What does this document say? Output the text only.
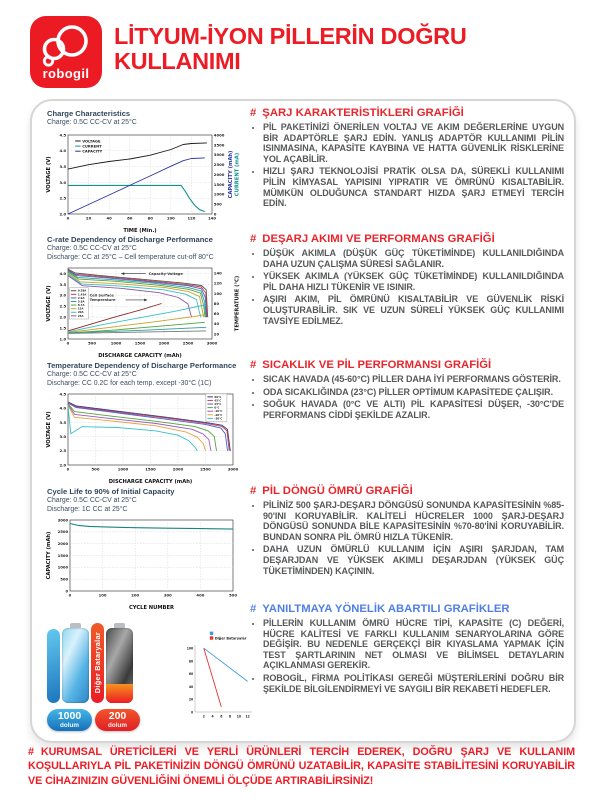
robogil
LİTYUM-İYON PİLLERİN DOĞRU KULLANIMI
Charge Characteristics
Charge: 0.5C CC-CV at 25°C
0	20	40	60	80	100	120	140
2.0
2.5
3.0
3.5
4.0
4.5
0
500
1000
1500
2000
2500
3000
3500
4000
VOLTAGE
CURRENT
CAPACITY
TIME (Min.)
VOLTAGE (V)	CAPACITY (mAh) CURRENT (mA)
C-rate Dependency of Discharge Performance
Charge: 0.5C CC-CV at 25°C
Discharge: CC at 25°C – Cell temperature cut-off 80°C
0	500	1000	1500	2000	2500	3000
1.0
1.5
2.0
2.5
3.0
3.5
4.0
20
40
60
80
100
120
140
0.58A
1.45A
2.9A
5.8A
8.7A
15A
20A
25A
Capacity-Voltage
Cell Surface
Temperature
DISCHARGE CAPACITY (mAh)
VOLTAGE (V)	TEMPERATURE (°C)
Temperature Dependency of Discharge Performance
Charge: 0.5C CC-CV at 25°C
Discharge: CC 0.2C for each temp. except -30°C (1C)
0	500	1000	1500	2000	2500	3000
2.0
2.5
3.0
3.5
4.0
4.5
60°C
45°C
25°C
0°C
-10°C
-20°C
-30°C
DISCHARGE CAPACITY (mAh)
VOLTAGE (V)
Cycle Life to 90% of Initial Capacity
Charge: 0.5C CC-CV at 25°C
Discharge: 1C CC at 25°C
0	100	200	300	400	500
0
500
1000
1500
2000
2500
3000
CYCLE NUMBER
CAPACITY (mAh)
Diğer Bataryalar
1000
dolum
200
dolum
2 4 6 8 10 12
0
20
40
60
80
100
Diğer Bataryalar
# ŞARJ KARAKTERİSTİKLERİ GRAFİĞİ
• PİL PAKETİNİZİ ÖNERİLEN VOLTAJ VE AKIM DEĞERLERİNE UYGUN BİR ADAPTÖRLE ŞARJ EDİN. YANLIŞ ADAPTÖR KULLANIMI PİLİN ISINMASINA, KAPASİTE KAYBINA VE HATTA GÜVENLİK RİSKLERİNE YOL AÇABİLİR.
• HIZLI ŞARJ TEKNOLOJİSİ PRATİK OLSA DA, SÜREKLİ KULLANIMI PİLİN KİMYASAL YAPISINI YIPRATIR VE ÖMRÜNÜ KISALTABİLİR. MÜMKÜN OLDUĞUNCA STANDART HIZDA ŞARJ ETMEYİ TERCİH EDİN.
# DEŞARJ AKIMI VE PERFORMANS GRAFİĞİ
• DÜŞÜK AKIMLA (DÜŞÜK GÜÇ TÜKETİMİNDE) KULLANILDIĞINDA DAHA UZUN ÇALIŞMA SÜRESİ SAĞLANIR.
• YÜKSEK AKIMLA (YÜKSEK GÜÇ TÜKETİMİNDE) KULLANILDIĞINDA PİL DAHA HIZLI TÜKENİR VE ISINIR.
• AŞIRI AKIM, PİL ÖMRÜNÜ KISALTABİLİR VE GÜVENLİK RİSKİ OLUŞTURABİLİR. SIK VE UZUN SÜRELİ YÜKSEK GÜÇ KULLANIMI TAVSİYE EDİLMEZ.
# SICAKLIK VE PİL PERFORMANSI GRAFİĞİ
• SICAK HAVADA (45-60°C) PİLLER DAHA İYİ PERFORMANS GÖSTERİR.
• ODA SICAKLIĞINDA (23°C) PİLLER OPTİMUM KAPASİTEDE ÇALIŞIR.
• SOĞUK HAVADA (0°C VE ALTI) PİL KAPASİTESİ DÜŞER, -30°C'DE PERFORMANS CİDDİ ŞEKİLDE AZALIR.
# PİL DÖNGÜ ÖMRÜ GRAFİĞİ
• PİLİNİZ 500 ŞARJ-DEŞARJ DÖNGÜSÜ SONUNDA KAPASİTESİNİN %85-90'INI KORUYABİLİR. KALİTELİ HÜCRELER 1000 ŞARJ-DEŞARJ DÖNGÜSÜ SONUNDA BİLE KAPASİTESİNİN %70-80'İNİ KORUYABİLİR. BUNDAN SONRA PİL ÖMRÜ HIZLA TÜKENİR.
• DAHA UZUN ÖMÜRLÜ KULLANIM İÇİN AŞIRI ŞARJDAN, TAM DEŞARJDAN VE YÜKSEK AKIMLI DEŞARJDAN (YÜKSEK GÜÇ TÜKETİMİNDEN) KAÇININ.
# YANILTMAYA YÖNELİK ABARTILI GRAFİKLER
• PİLLERİN KULLANIM ÖMRÜ HÜCRE TİPİ, KAPASİTE (C) DEĞERİ, HÜCRE KALİTESİ VE FARKLI KULLANIM SENARYOLARINA GÖRE DEĞİŞİR. BU NEDENLE GERÇEKÇİ BİR KIYASLAMA YAPMAK İÇİN TEST ŞARTLARININ NET OLMASI VE BİLİMSEL DETAYLARIN AÇIKLANMASI GEREKİR.
• ROBOGİL, FİRMA POLİTİKASI GEREĞİ MÜŞTERİLERİNİ DOĞRU BİR ŞEKİLDE BİLGİLENDİRMEYİ VE SAYGILI BİR REKABETİ HEDEFLER.
# KURUMSAL ÜRETİCİLERİ VE YERLİ ÜRÜNLERİ TERCİH EDEREK, DOĞRU ŞARJ VE KULLANIM KOŞULLARIYLA PİL PAKETİNİZİN DÖNGÜ ÖMRÜNÜ UZATABİLİR, KAPASİTE STABİLİTESİNİ KORUYABİLİR VE CİHAZINIZIN GÜVENLİĞİNİ ÖNEMLİ ÖLÇÜDE ARTIRABİLİRSİNİZ!
